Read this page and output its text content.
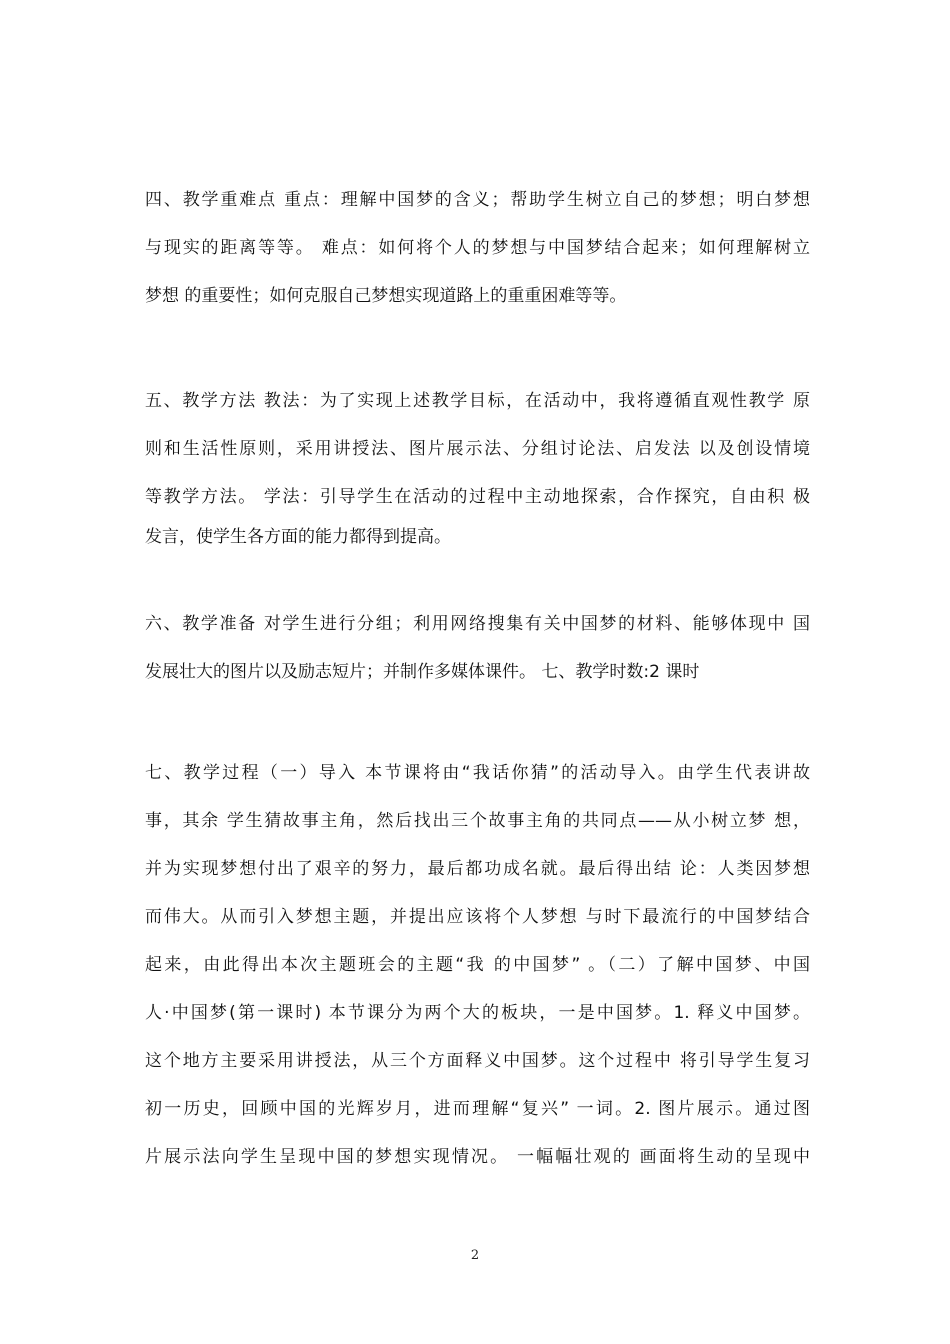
四、教学重难点 重点：理解中国梦的含义；帮助学生树立自己的梦想；明白梦想
与现实的距离等等。 难点：如何将个人的梦想与中国梦结合起来；如何理解树立
梦想 的重要性；如何克服自己梦想实现道路上的重重困难等等。
五、教学方法 教法：为了实现上述教学目标，在活动中，我将遵循直观性教学 原
则和生活性原则，采用讲授法、图片展示法、分组讨论法、启发法 以及创设情境
等教学方法。 学法：引导学生在活动的过程中主动地探索，合作探究，自由积 极
发言，使学生各方面的能力都得到提高。
六、教学准备 对学生进行分组；利用网络搜集有关中国梦的材料、能够体现中 国
发展壮大的图片以及励志短片；并制作多媒体课件。 七、教学时数:2 课时
七、教学过程（一）导入 本节课将由“我话你猜”的活动导入。由学生代表讲故
事，其余 学生猜故事主角，然后找出三个故事主角的共同点——从小树立梦 想，
并为实现梦想付出了艰辛的努力，最后都功成名就。最后得出结 论：人类因梦想
而伟大。从而引入梦想主题，并提出应该将个人梦想 与时下最流行的中国梦结合
起来，由此得出本次主题班会的主题“我 的中国梦” 。（二）了解中国梦、中国
人·中国梦(第一课时) 本节课分为两个大的板块，一是中国梦。1. 释义中国梦。
这个地方主要采用讲授法，从三个方面释义中国梦。这个过程中 将引导学生复习
初一历史，回顾中国的光辉岁月，进而理解“复兴” 一词。2. 图片展示。通过图
片展示法向学生呈现中国的梦想实现情况。 一幅幅壮观的 画面将生动的呈现中
2
